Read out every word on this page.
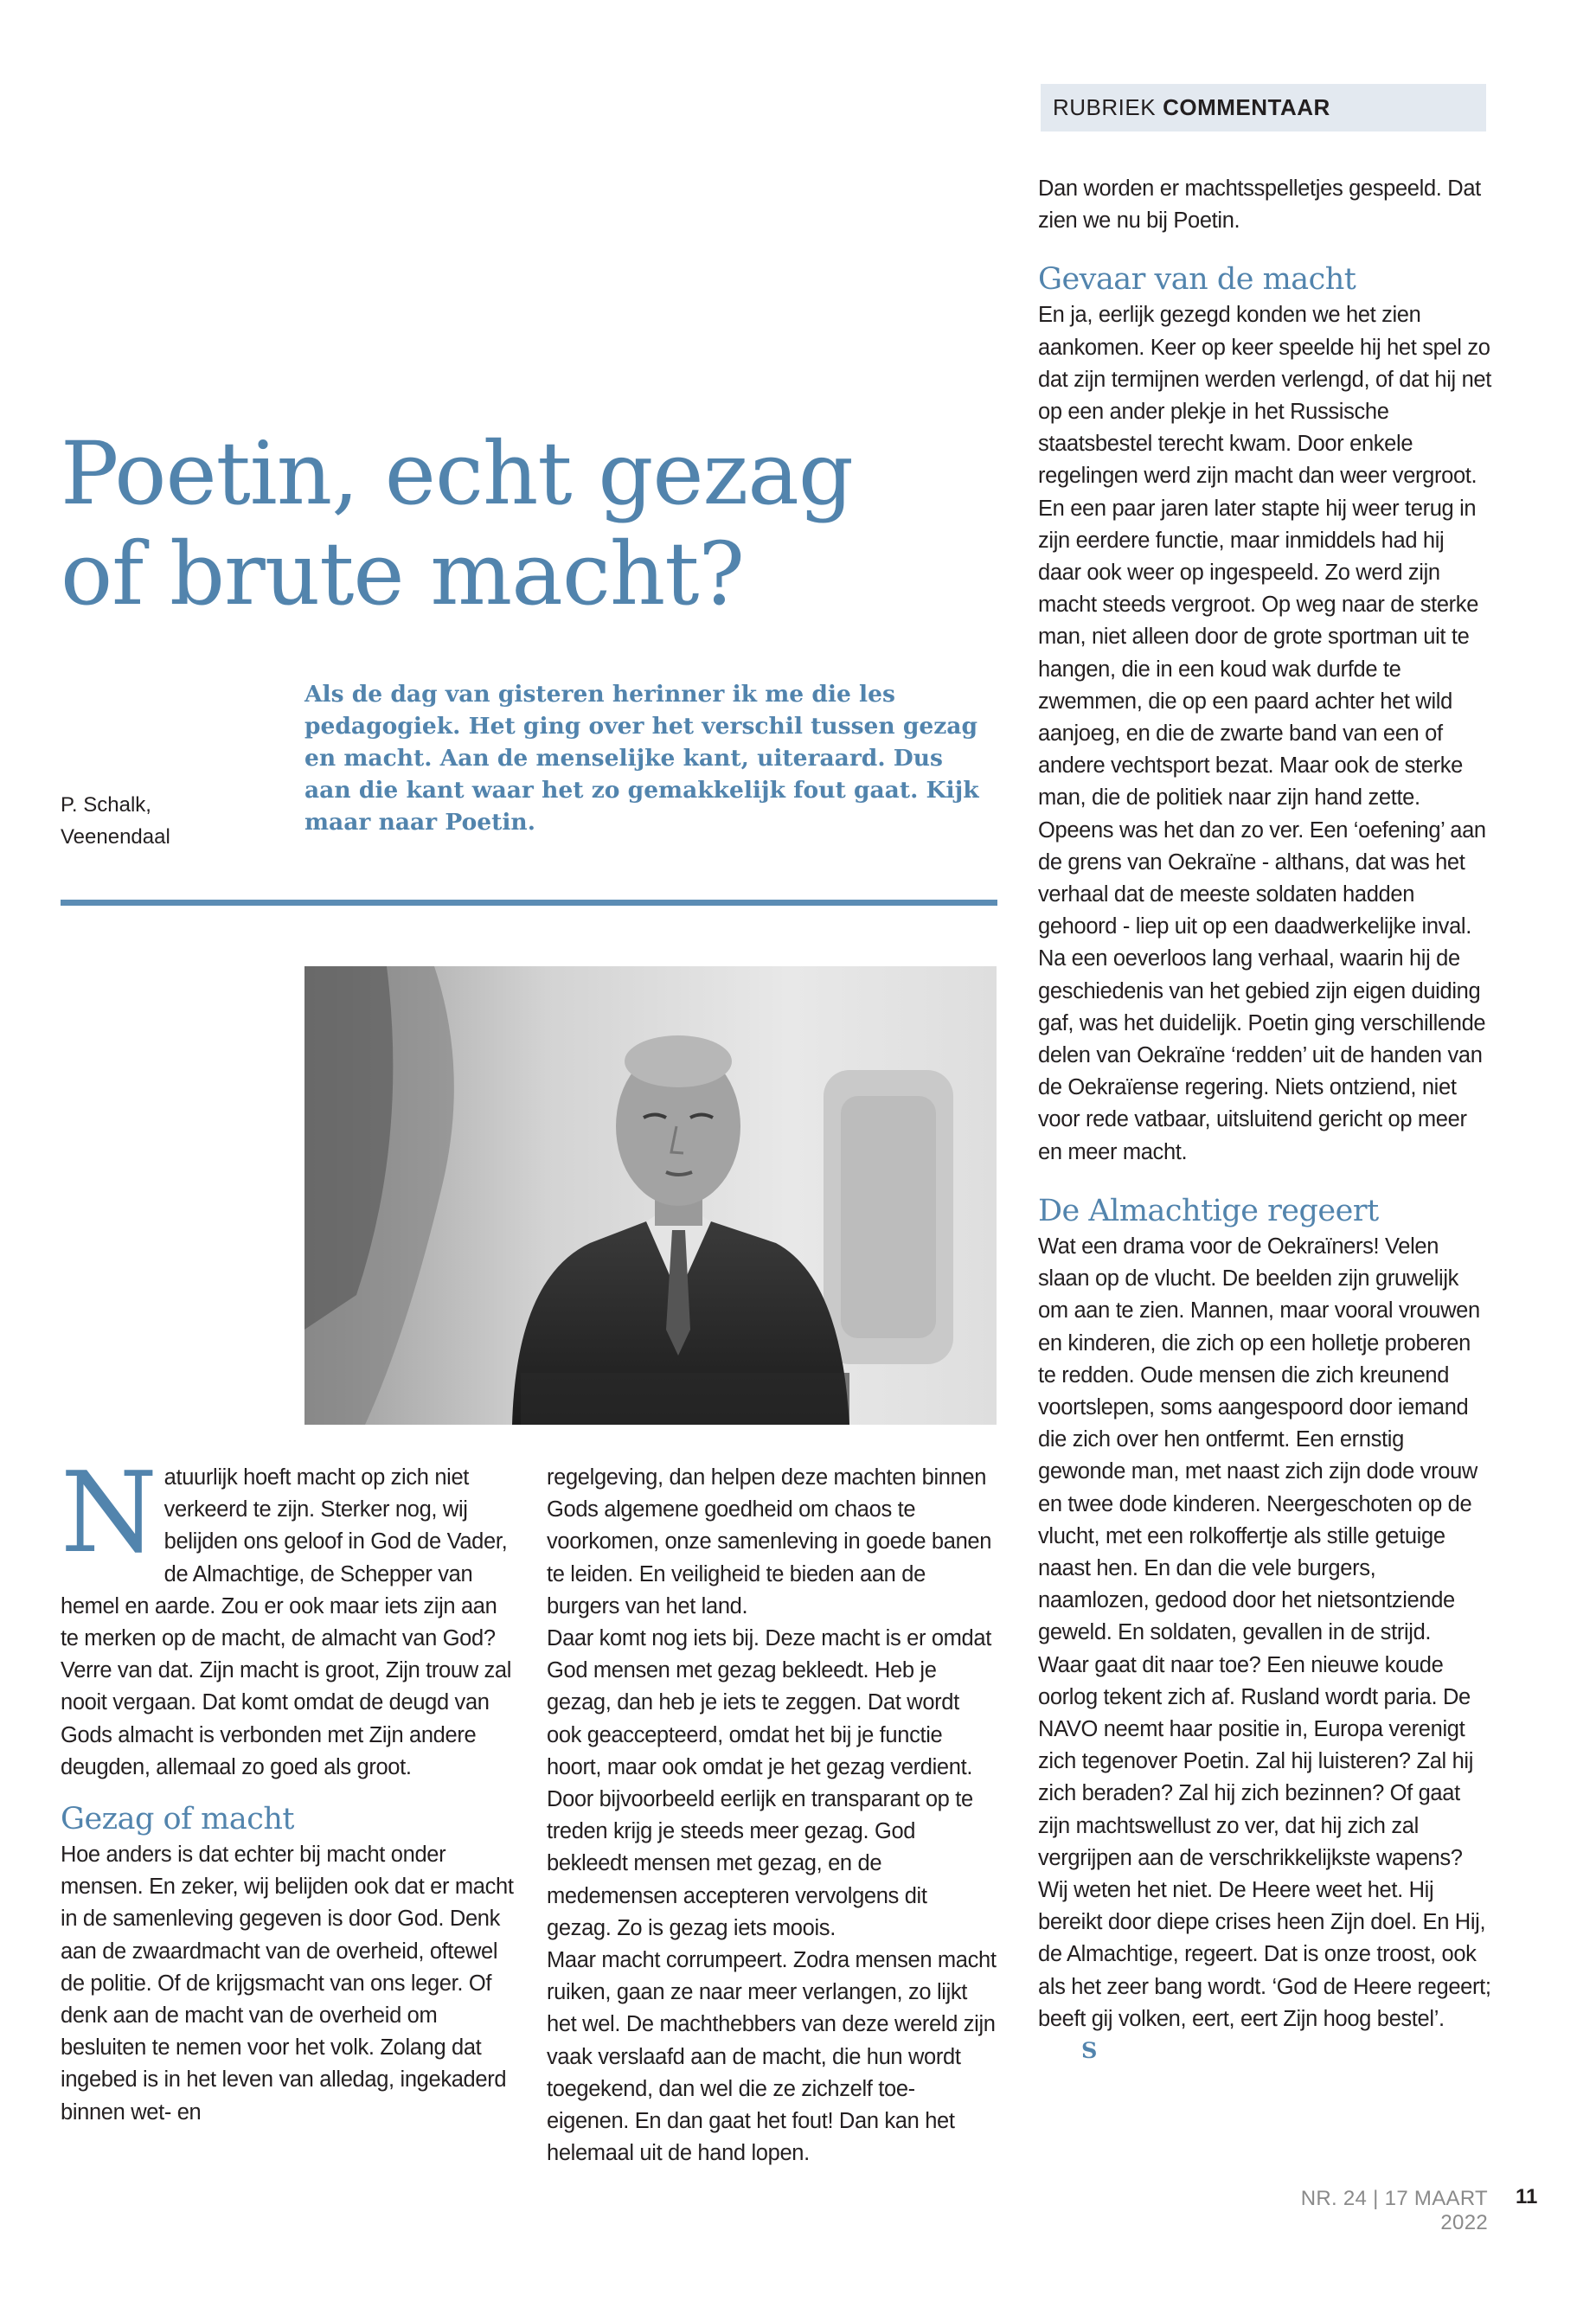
RUBRIEK COMMENTAAR
Poetin, echt gezag
of brute macht?
P. Schalk,
Veenendaal

Als de dag van gisteren herinner ik me die les pedagogiek. Het ging over het verschil tussen gezag en macht. Aan de menselijke kant, uiteraard. Dus aan die kant waar het zo gemakkelijk fout gaat. Kijk maar naar Poetin.

Natuurlijk hoeft macht op zich niet verkeerd te zijn. Sterker nog, wij belijden ons geloof in God de Vader, de Almachtige, de Schepper van hemel en aarde. Zou er ook maar iets zijn aan te merken op de macht, de almacht van God? Verre van dat. Zijn macht is groot, Zijn trouw zal nooit vergaan. Dat komt omdat de deugd van Gods almacht is verbonden met Zijn andere deugden, allemaal zo goed als groot.

Gezag of macht

Hoe anders is dat echter bij macht onder mensen. En zeker, wij belijden ook dat er macht in de samenleving gegeven is door God. Denk aan de zwaardmacht van de overheid, oftewel de politie. Of de krijgsmacht van ons leger. Of denk aan de macht van de overheid om besluiten te nemen voor het volk. Zolang dat ingebed is in het leven van alledag, ingekaderd binnen wet- en

regelgeving, dan helpen deze machten binnen Gods algemene goedheid om chaos te voorkomen, onze samenleving in goede banen te leiden. En veiligheid te bieden aan de burgers van het land.

Daar komt nog iets bij. Deze macht is er omdat God mensen met gezag bekleedt. Heb je gezag, dan heb je iets te zeggen. Dat wordt ook geaccepteerd, omdat het bij je functie hoort, maar ook omdat je het gezag verdient. Door bijvoorbeeld eerlijk en transparant op te treden krijg je steeds meer gezag. God bekleedt mensen met gezag, en de medemensen accepteren vervolgens dit gezag. Zo is gezag iets moois.

Maar macht corrumpeert. Zodra mensen macht ruiken, gaan ze naar meer verlangen, zo lijkt het wel. De machthebbers van deze wereld zijn vaak verslaafd aan de macht, die hun wordt toegekend, dan wel die ze zichzelf toe-eigenen. En dan gaat het fout! Dan kan het helemaal uit de hand lopen.

Dan worden er machtsspelletjes gespeeld. Dat zien we nu bij Poetin.

Gevaar van de macht

En ja, eerlijk gezegd konden we het zien aankomen. Keer op keer speelde hij het spel zo dat zijn termijnen werden verlengd, of dat hij net op een ander plekje in het Russische staatsbestel terecht kwam. Door enkele regelingen werd zijn macht dan weer vergroot. En een paar jaren later stapte hij weer terug in zijn eerdere functie, maar inmiddels had hij daar ook weer op ingespeeld. Zo werd zijn macht steeds vergroot. Op weg naar de sterke man, niet alleen door de grote sportman uit te hangen, die in een koud wak durfde te zwemmen, die op een paard achter het wild aanjoeg, en die de zwarte band van een of andere vechtsport bezat. Maar ook de sterke man, die de politiek naar zijn hand zette.

Opeens was het dan zo ver. Een ‘oefening’ aan de grens van Oekraïne - althans, dat was het verhaal dat de meeste soldaten hadden gehoord - liep uit op een daadwerkelijke inval. Na een oeverloos lang verhaal, waarin hij de geschiedenis van het gebied zijn eigen duiding gaf, was het duidelijk. Poetin ging verschillende delen van Oekraïne ‘redden’ uit de handen van de Oekraïense regering. Niets ontziend, niet voor rede vatbaar, uitsluitend gericht op meer en meer macht.

De Almachtige regeert

Wat een drama voor de Oekraïners! Velen slaan op de vlucht. De beelden zijn gruwelijk om aan te zien. Mannen, maar vooral vrouwen en kinderen, die zich op een holletje proberen te redden. Oude mensen die zich kreunend voortslepen, soms aangespoord door iemand die zich over hen ontfermt. Een ernstig gewonde man, met naast zich zijn dode vrouw en twee dode kinderen. Neergeschoten op de vlucht, met een rolkoffertje als stille getuige naast hen. En dan die vele burgers, naamlozen, gedood door het nietsontziende geweld. En soldaten, gevallen in de strijd.

Waar gaat dit naar toe? Een nieuwe koude oorlog tekent zich af. Rusland wordt paria. De NAVO neemt haar positie in, Europa verenigt zich tegenover Poetin. Zal hij luisteren? Zal hij zich beraden? Zal hij zich bezinnen? Of gaat zijn machtswellust zo ver, dat hij zich zal vergrijpen aan de verschrikkelijkste wapens?

Wij weten het niet. De Heere weet het. Hij bereikt door diepe crises heen Zijn doel. En Hij, de Almachtige, regeert. Dat is onze troost, ook als het zeer bang wordt. ‘God de Heere regeert; beeft gij volken, eert, eert Zijn hoog bestel’.S

NR. 24 | 17 MAART 2022
11
